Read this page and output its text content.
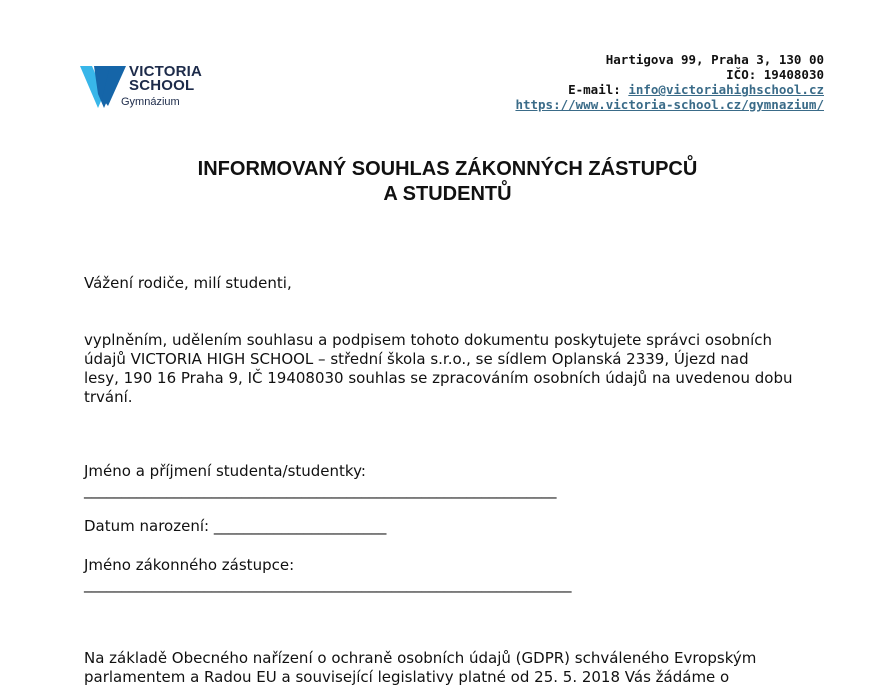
VICTORIA
SCHOOL
Gymnázium
Hartigova 99, Praha 3, 130 00
IČO: 19408030
E-mail: info@victoriahighschool.cz
https://www.victoria-school.cz/gymnazium/
INFORMOVANÝ SOUHLAS ZÁKONNÝCH ZÁSTUPCŮ
A STUDENTŮ
Vážení rodiče, milí studenti,
vyplněním, udělením souhlasu a podpisem tohoto dokumentu poskytujete správci osobních
údajů VICTORIA HIGH SCHOOL – střední škola s.r.o., se sídlem Oplanská 2339, Újezd nad
lesy, 190 16 Praha 9, IČ 19408030 souhlas se zpracováním osobních údajů na uvedenou dobu
trvání.
Jméno a příjmení studenta/studentky:
_______________________________________________________________
Datum narození: _______________________
Jméno zákonného zástupce:
_________________________________________________________________
Na základě Obecného nařízení o ochraně osobních údajů (GDPR) schváleného Evropským
parlamentem a Radou EU a související legislativy platné od 25. 5. 2018 Vás žádáme o
